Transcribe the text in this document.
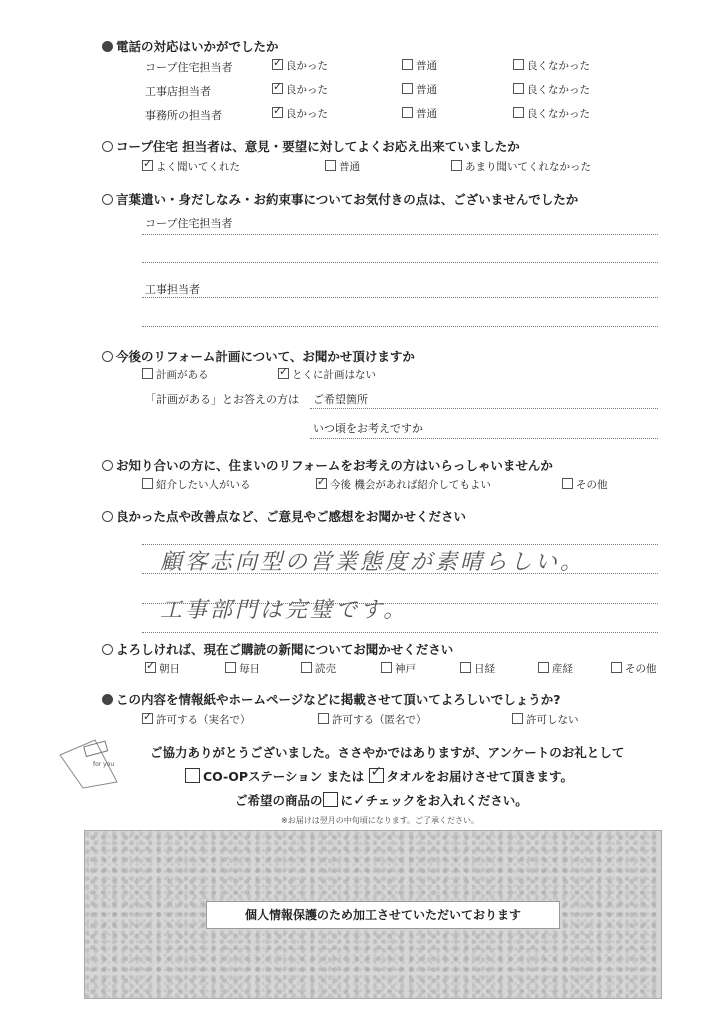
電話の対応はいかがでしたか
コープ住宅担当者 ✓	良かった	普通	良くなかった
工事店担当者 ✓	良かった	普通	良くなかった
事務所の担当者 ✓	良かった	普通	良くなかった
コープ住宅 担当者は、意見・要望に対してよくお応え出来ていましたか
✓よく聞いてくれた	普通	あまり聞いてくれなかった
言葉遣い・身だしなみ・お約束事についてお気付きの点は、ございませんでしたか
コープ住宅担当者
工事担当者
今後のリフォーム計画について、お聞かせ頂けますか
計画がある ✓	とくに計画はない
「計画がある」とお答えの方は ご希望箇所
いつ頃をお考えですか
お知り合いの方に、住まいのリフォームをお考えの方はいらっしゃいませんか
紹介したい人がいる ✓	今後 機会があれば紹介してもよい	その他
良かった点や改善点など、ご意見やご感想をお聞かせください
顧客志向型の営業態度が素晴らしい。
工事部門は完璧です。
よろしければ、現在ご購読の新聞についてお聞かせください
✓朝日	毎日	読売	神戸	日経	産経	その他
この内容を情報紙やホームページなどに掲載させて頂いてよろしいでしょうか?
✓許可する（実名で）	許可する（匿名で）	許可しない
for you
ご協力ありがとうございました。ささやかではありますが、アンケートのお礼として
CO-OPステーション または ✓ タオルをお届けさせて頂きます。
ご希望の商品の に✓チェックをお入れください。
※お届けは翌月の中旬頃になります。ご了承ください。
個人情報保護のため加工させていただいております
